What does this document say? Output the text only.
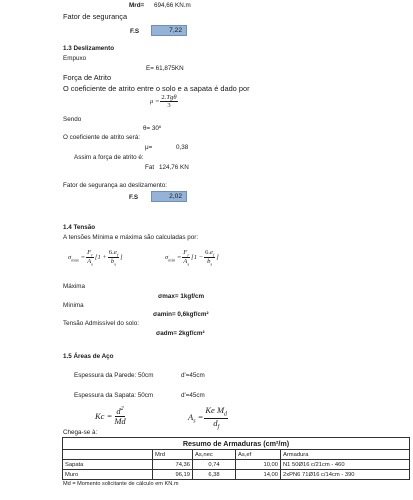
Mrd= 694,66 KN.m
Fator de segurança
F.S	7,22
1.3 Deslizamento
Empuxo
E= 61,875KN
Força de Atrito
O coeficiente de atrito entre o solo e a sapata é dado por
$\mu = \frac{\text{2.Tgθ}}{3}$
Sendo
θ= 30º
O coeficiente de atrito será:
μ=	0,38
Assim a força de atrito é:
Fat 124,76 KN
Fator de segurança ao deslizamento:
F.S	2,02
1.4 Tensão
A tensões Mínima e máxima são calculadas por:
$\sigma_{max} = \frac{F_r}{A_s} [1 + \frac{6.e_f}{b_s}$ ]	$\sigma_{min} = \frac{F_r}{A_s} [1 - \frac{6.e_f}{b_s}$ ]
Máxima
σmax= 1kgf/cm
Mínima
σamin= 0,6kgf/cm²
Tensão Admissível do solo:
σadm= 2kgf/cm²
1.5 Áreas de Aço
Espessura da Parede: 50cm	d'=45cm
Espessura da Sapata: 50cm	d'=45cm
$Kc = \frac{d^2}{Md}$	$A_s = \frac{Ke M_d}{d_f}$
Chega-se à:
Resumo de Armaduras (cm²/m)				
	Mrd	As,nec	As,ef	Armadura
Sapata	74,36	0,74	10,00	N1 50Ø16 c/21cm - 460
Muro	96,19	6,38	14,00	2xPN6 71Ø16 c/14cm - 390
Md = Momento solicitante de cálculo em KN.m
